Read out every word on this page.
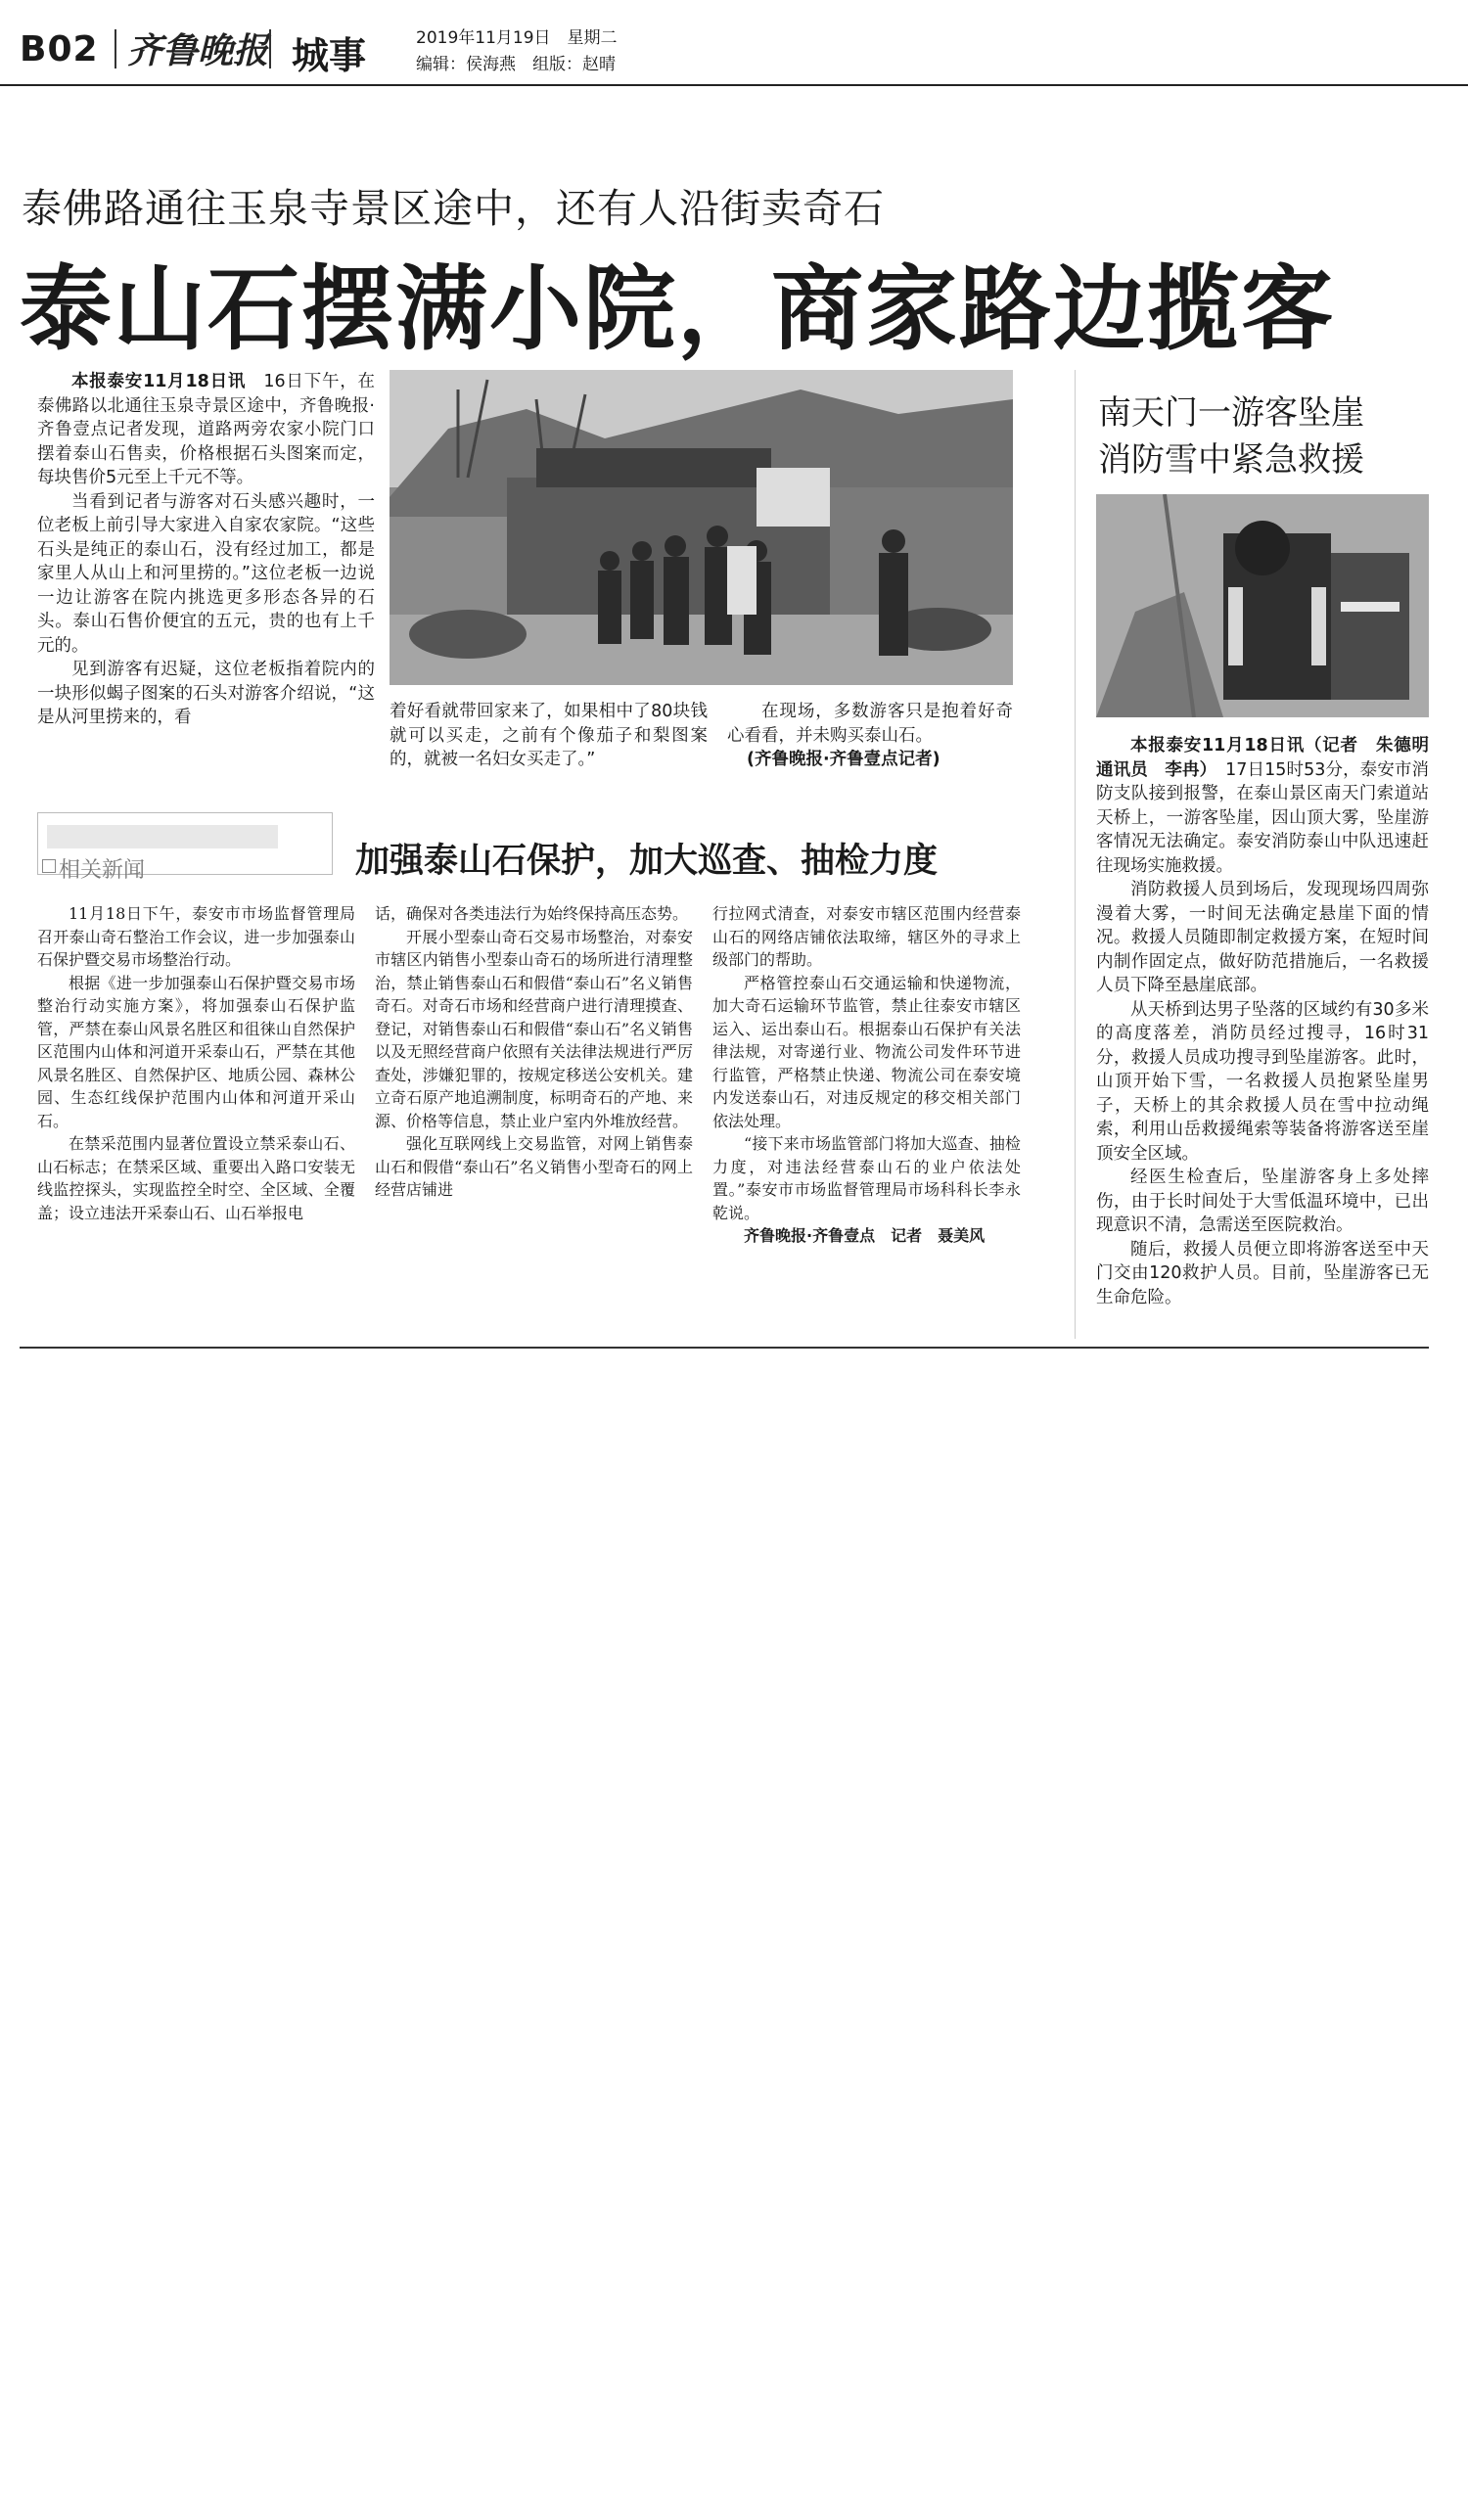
B02 齐鲁晚报 城事	2019年11月19日　星期二
编辑：侯海燕　组版：赵晴
泰佛路通往玉泉寺景区途中，还有人沿街卖奇石
泰山石摆满小院，商家路边揽客

本报泰安11月18日讯　 16日下午，在泰佛路以北通往玉泉寺景区途中，齐鲁晚报·齐鲁壹点记者发现，道路两旁农家小院门口摆着泰山石售卖，价格根据石头图案而定，每块售价5元至上千元不等。

当看到记者与游客对石头感兴趣时，一位老板上前引导大家进入自家农家院。“这些石头是纯正的泰山石，没有经过加工，都是家里人从山上和河里捞的。”这位老板一边说一边让游客在院内挑选更多形态各异的石头。泰山石售价便宜的五元，贵的也有上千元的。

见到游客有迟疑，这位老板指着院内的一块形似蝎子图案的石头对游客介绍说，“这是从河里捞来的，看	着好看就带回家来了，如果相中了80块钱就可以买走，之前有个像茄子和梨图案的，就被一名妇女买走了。”

在现场，多数游客只是抱着好奇心看看，并未购买泰山石。

(齐鲁晚报·齐鲁壹点记者)

相关新闻	加强泰山石保护，加大巡查、抽检力度

11月18日下午，泰安市市场监督管理局召开泰山奇石整治工作会议，进一步加强泰山石保护暨交易市场整治行动。

根据《进一步加强泰山石保护暨交易市场整治行动实施方案》，将加强泰山石保护监管，严禁在泰山风景名胜区和徂徕山自然保护区范围内山体和河道开采泰山石，严禁在其他风景名胜区、自然保护区、地质公园、森林公园、生态红线保护范围内山体和河道开采山石。

在禁采范围内显著位置设立禁采泰山石、山石标志；在禁采区域、重要出入路口安装无线监控探头，实现监控全时空、全区域、全覆盖；设立违法开采泰山石、山石举报电

话，确保对各类违法行为始终保持高压态势。

开展小型泰山奇石交易市场整治，对泰安市辖区内销售小型泰山奇石的场所进行清理整治，禁止销售泰山石和假借“泰山石”名义销售奇石。对奇石市场和经营商户进行清理摸查、登记，对销售泰山石和假借“泰山石”名义销售以及无照经营商户依照有关法律法规进行严厉查处，涉嫌犯罪的，按规定移送公安机关。建立奇石原产地追溯制度，标明奇石的产地、来源、价格等信息，禁止业户室内外堆放经营。

强化互联网线上交易监管，对网上销售泰山石和假借“泰山石”名义销售小型奇石的网上经营店铺进

行拉网式清查，对泰安市辖区范围内经营泰山石的网络店铺依法取缔，辖区外的寻求上级部门的帮助。

严格管控泰山石交通运输和快递物流，加大奇石运输环节监管，禁止往泰安市辖区运入、运出泰山石。根据泰山石保护有关法律法规，对寄递行业、物流公司发件环节进行监管，严格禁止快递、物流公司在泰安境内发送泰山石，对违反规定的移交相关部门依法处理。

“接下来市场监管部门将加大巡查、抽检力度，对违法经营泰山石的业户依法处置。”泰安市市场监督管理局市场科科长李永乾说。

齐鲁晚报·齐鲁壹点　记者　聂美风

南天门一游客坠崖
消防雪中紧急救援

本报泰安11月18日讯（记者　朱德明　通讯员　李冉）　 17日15时53分，泰安市消防支队接到报警，在泰山景区南天门索道站天桥上，一游客坠崖，因山顶大雾，坠崖游客情况无法确定。泰安消防泰山中队迅速赶往现场实施救援。

消防救援人员到场后，发现现场四周弥漫着大雾，一时间无法确定悬崖下面的情况。救援人员随即制定救援方案，在短时间内制作固定点，做好防范措施后，一名救援人员下降至悬崖底部。

从天桥到达男子坠落的区域约有30多米的高度落差，消防员经过搜寻，16时31分，救援人员成功搜寻到坠崖游客。此时，山顶开始下雪，一名救援人员抱紧坠崖男子，天桥上的其余救援人员在雪中拉动绳索，利用山岳救援绳索等装备将游客送至崖顶安全区域。

经医生检查后，坠崖游客身上多处摔伤，由于长时间处于大雪低温环境中，已出现意识不清，急需送至医院救治。

随后，救援人员便立即将游客送至中天门交由120救护人员。目前，坠崖游客已无生命危险。
